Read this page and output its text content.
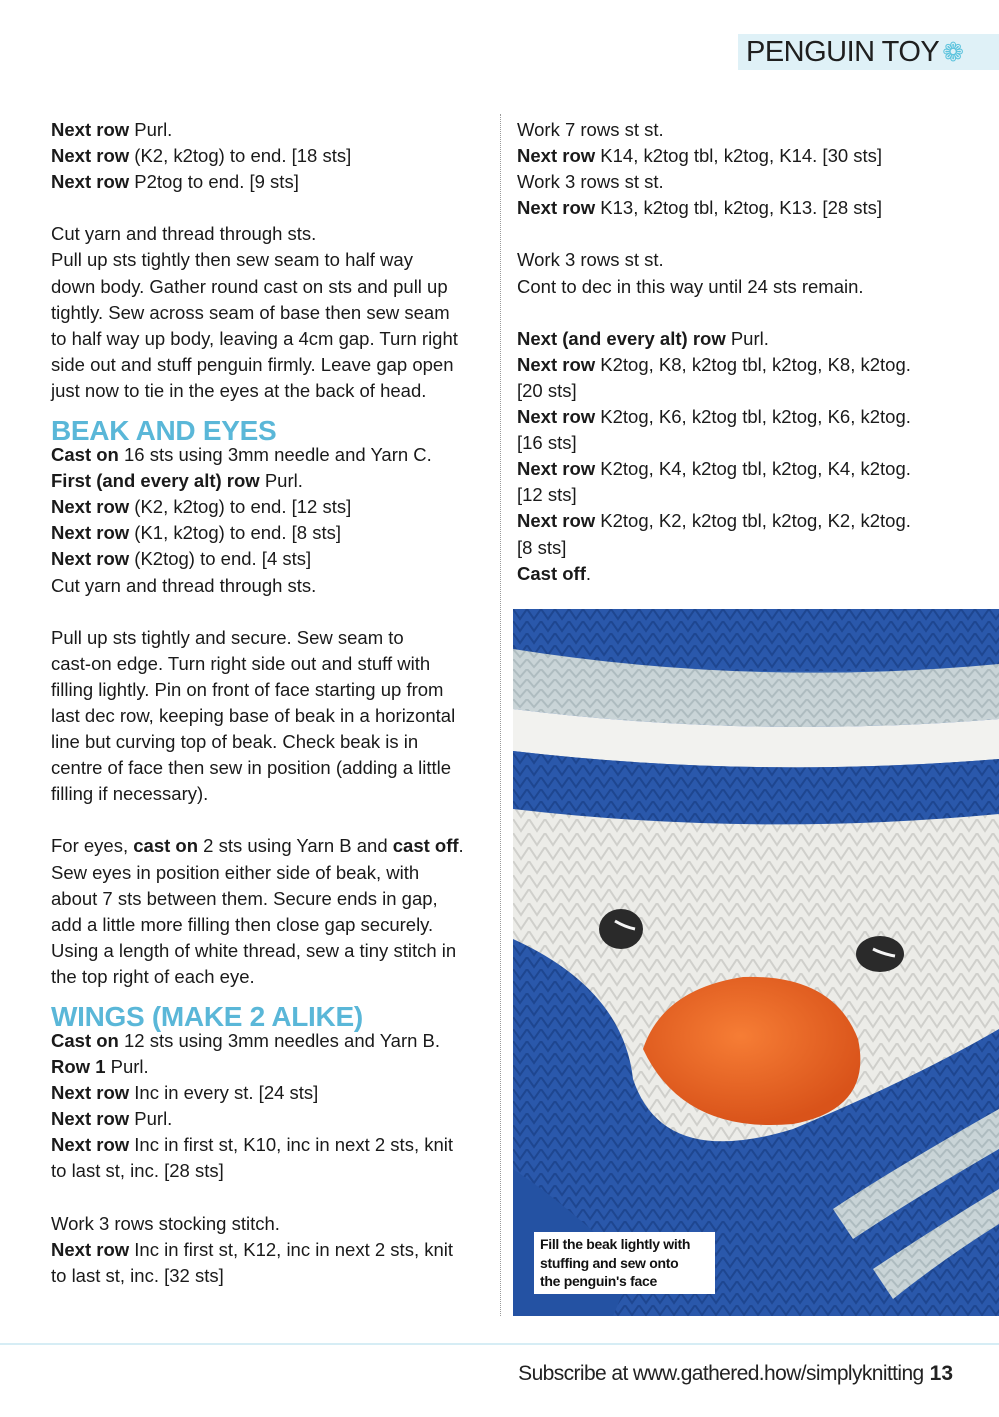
PENGUIN TOY ❁
Next row Purl.
Next row (K2, k2tog) to end. [18 sts]
Next row P2tog to end. [9 sts]
Cut yarn and thread through sts.
Pull up sts tightly then sew seam to half way
down body. Gather round cast on sts and pull up
tightly. Sew across seam of base then sew seam
to half way up body, leaving a 4cm gap. Turn right
side out and stuff penguin firmly. Leave gap open
just now to tie in the eyes at the back of head.
BEAK AND EYES
Cast on 16 sts using 3mm needle and Yarn C.
First (and every alt) row Purl.
Next row (K2, k2tog) to end. [12 sts]
Next row (K1, k2tog) to end. [8 sts]
Next row (K2tog) to end. [4 sts]
Cut yarn and thread through sts.
Pull up sts tightly and secure. Sew seam to
cast-on edge. Turn right side out and stuff with
filling lightly. Pin on front of face starting up from
last dec row, keeping base of beak in a horizontal
line but curving top of beak. Check beak is in
centre of face then sew in position (adding a little
filling if necessary).
For eyes, cast on 2 sts using Yarn B and cast off.
Sew eyes in position either side of beak, with
about 7 sts between them. Secure ends in gap,
add a little more filling then close gap securely.
Using a length of white thread, sew a tiny stitch in
the top right of each eye.
WINGS (MAKE 2 ALIKE)
Cast on 12 sts using 3mm needles and Yarn B.
Row 1 Purl.
Next row Inc in every st. [24 sts]
Next row Purl.
Next row Inc in first st, K10, inc in next 2 sts, knit
to last st, inc. [28 sts]
Work 3 rows stocking stitch.
Next row Inc in first st, K12, inc in next 2 sts, knit
to last st, inc. [32 sts]
Work 7 rows st st.
Next row K14, k2tog tbl, k2tog, K14. [30 sts]
Work 3 rows st st.
Next row K13, k2tog tbl, k2tog, K13. [28 sts]
Work 3 rows st st.
Cont to dec in this way until 24 sts remain.
Next (and every alt) row Purl.
Next row K2tog, K8, k2tog tbl, k2tog, K8, k2tog.
[20 sts]
Next row K2tog, K6, k2tog tbl, k2tog, K6, k2tog.
[16 sts]
Next row K2tog, K4, k2tog tbl, k2tog, K4, k2tog.
[12 sts]
Next row K2tog, K2, k2tog tbl, k2tog, K2, k2tog.
[8 sts]
Cast off.
Fill the beak lightly with
stuffing and sew onto
the penguin's face
Subscribe at www.gathered.how/simplyknitting 13
